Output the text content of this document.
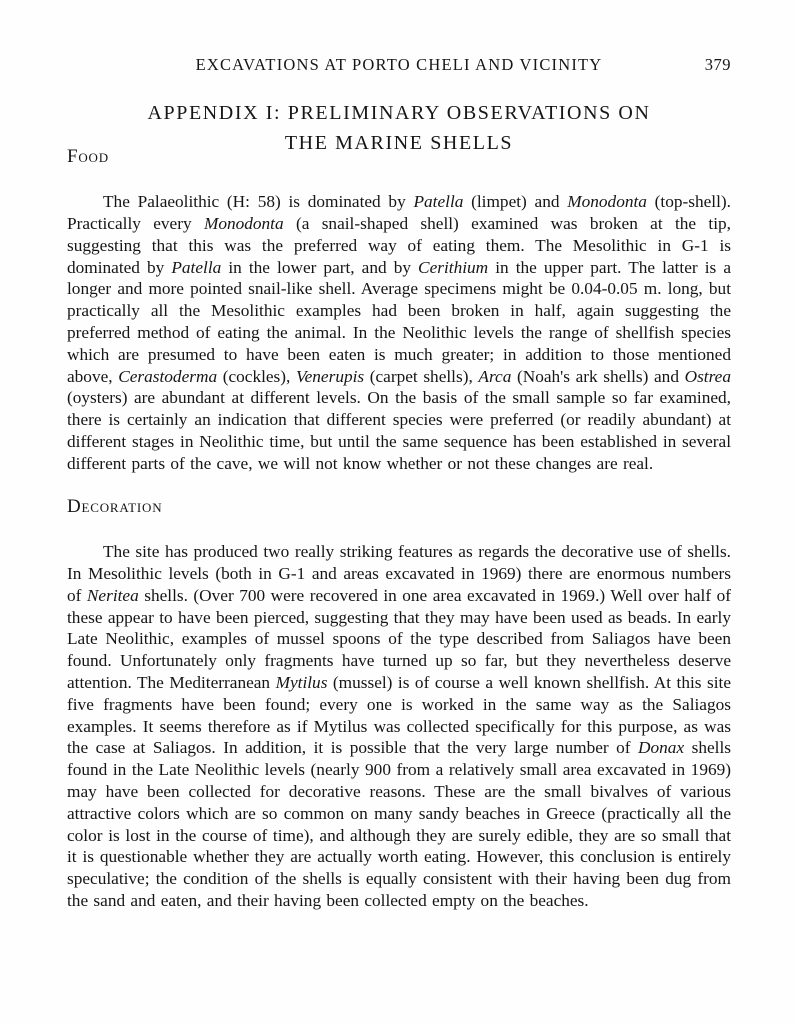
EXCAVATIONS AT PORTO CHELI AND VICINITY	379
APPENDIX I: PRELIMINARY OBSERVATIONS ON
THE MARINE SHELLS
Food

The Palaeolithic (H: 58) is dominated by Patella (limpet) and Monodonta (top-shell). Practically every Monodonta (a snail-shaped shell) examined was broken at the tip, suggesting that this was the preferred way of eating them. The Mesolithic in G-1 is dominated by Patella in the lower part, and by Cerithium in the upper part. The latter is a longer and more pointed snail-like shell. Average specimens might be 0.04-0.05 m. long, but practically all the Mesolithic examples had been broken in half, again suggesting the preferred method of eating the animal. In the Neolithic levels the range of shellfish species which are presumed to have been eaten is much greater; in addition to those mentioned above, Cerastoderma (cockles), Venerupis (carpet shells), Arca (Noah's ark shells) and Ostrea (oysters) are abundant at different levels. On the basis of the small sample so far examined, there is certainly an indication that different species were preferred (or readily abundant) at different stages in Neolithic time, but until the same sequence has been established in several different parts of the cave, we will not know whether or not these changes are real.

Decoration

The site has produced two really striking features as regards the decorative use of shells. In Mesolithic levels (both in G-1 and areas excavated in 1969) there are enormous numbers of Neritea shells. (Over 700 were recovered in one area excavated in 1969.) Well over half of these appear to have been pierced, suggesting that they may have been used as beads. In early Late Neolithic, examples of mussel spoons of the type described from Saliagos have been found. Unfortunately only fragments have turned up so far, but they nevertheless deserve attention. The Mediterranean Mytilus (mussel) is of course a well known shellfish. At this site five fragments have been found; every one is worked in the same way as the Saliagos examples. It seems therefore as if Mytilus was collected specifically for this purpose, as was the case at Saliagos. In addition, it is possible that the very large number of Donax shells found in the Late Neolithic levels (nearly 900 from a relatively small area excavated in 1969) may have been collected for decorative reasons. These are the small bivalves of various attractive colors which are so common on many sandy beaches in Greece (practically all the color is lost in the course of time), and although they are surely edible, they are so small that it is questionable whether they are actually worth eating. However, this conclusion is entirely speculative; the condition of the shells is equally consistent with their having been dug from the sand and eaten, and their having been collected empty on the beaches.
